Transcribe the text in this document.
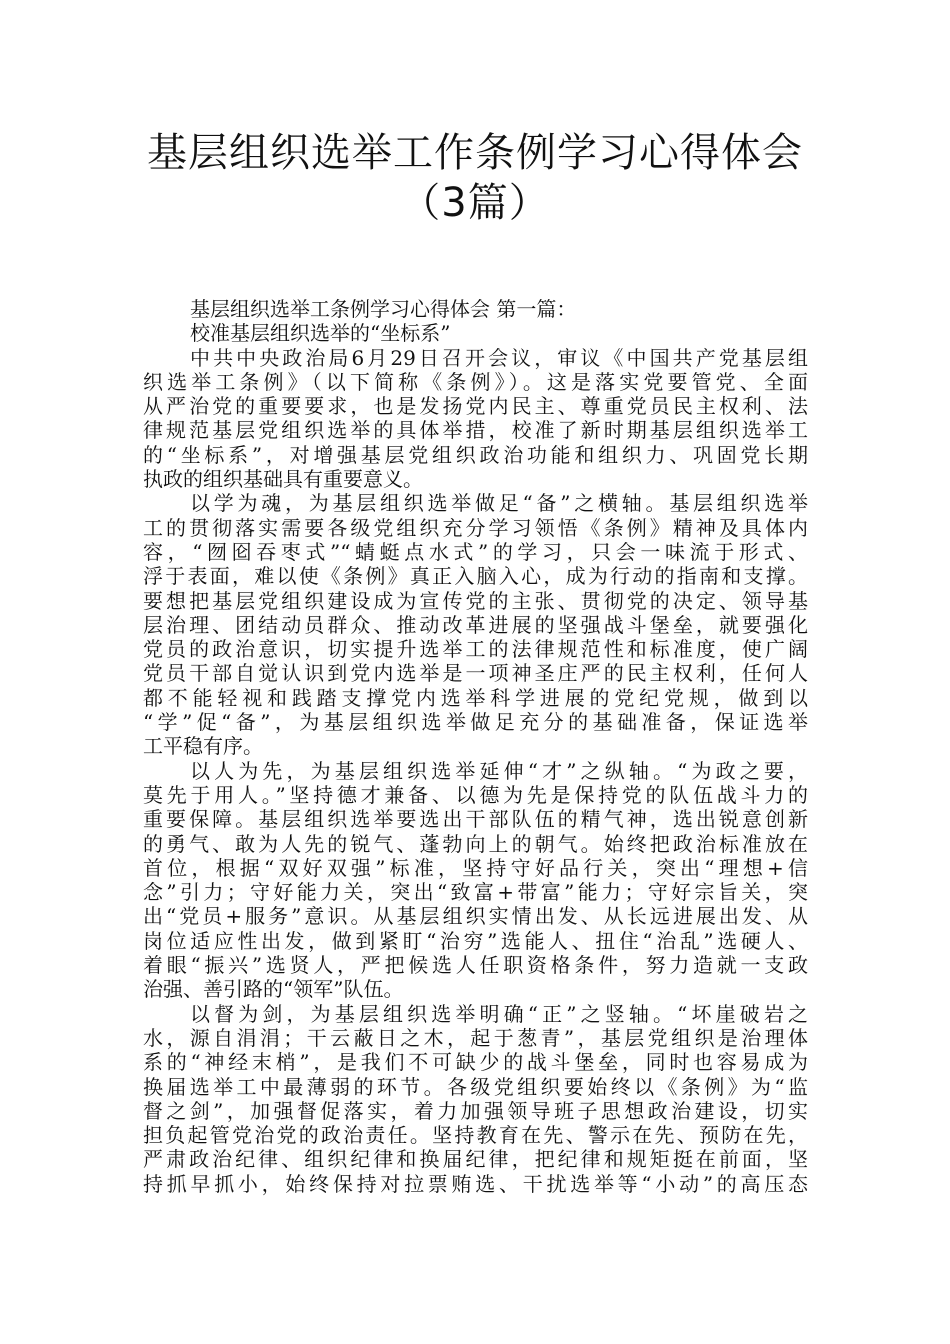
基层组织选举工作条例学习心得体会
（3篇）
基层组织选举工条例学习心得体会 第一篇：
校准基层组织选举的“坐标系”
中共中央政治局6月29日召开会议，审议《中国共产党基层组
织选举工条例》（以下简称《条例》）。这是落实党要管党、全面
从严治党的重要要求，也是发扬党内民主、尊重党员民主权利、法
律规范基层党组织选举的具体举措，校准了新时期基层组织选举工
的“坐标系”，对增强基层党组织政治功能和组织力、巩固党长期
执政的组织基础具有重要意义。
以学为魂，为基层组织选举做足“备”之横轴。基层组织选举
工的贯彻落实需要各级党组织充分学习领悟《条例》精神及具体内
容，“囫囵吞枣式”“蜻蜓点水式”的学习，只会一味流于形式、
浮于表面，难以使《条例》真正入脑入心，成为行动的指南和支撑。
要想把基层党组织建设成为宣传党的主张、贯彻党的决定、领导基
层治理、团结动员群众、推动改革进展的坚强战斗堡垒，就要强化
党员的政治意识，切实提升选举工的法律规范性和标准度，使广阔
党员干部自觉认识到党内选举是一项神圣庄严的民主权利，任何人
都不能轻视和践踏支撑党内选举科学进展的党纪党规，做到以
“学”促“备”，为基层组织选举做足充分的基础准备，保证选举
工平稳有序。
以人为先，为基层组织选举延伸“才”之纵轴。“为政之要，
莫先于用人。”坚持德才兼备、以德为先是保持党的队伍战斗力的
重要保障。基层组织选举要选出干部队伍的精气神，选出锐意创新
的勇气、敢为人先的锐气、蓬勃向上的朝气。始终把政治标准放在
首位，根据“双好双强”标准，坚持守好品行关，突出“理想+信
念”引力；守好能力关，突出“致富+带富”能力；守好宗旨关，突
出“党员+服务”意识。从基层组织实情出发、从长远进展出发、从
岗位适应性出发，做到紧盯“治穷”选能人、扭住“治乱”选硬人、
着眼“振兴”选贤人，严把候选人任职资格条件，努力造就一支政
治强、善引路的“领军”队伍。
以督为剑，为基层组织选举明确“正”之竖轴。“坏崖破岩之
水，源自涓涓；干云蔽日之木，起于葱青”，基层党组织是治理体
系的“神经末梢”，是我们不可缺少的战斗堡垒，同时也容易成为
换届选举工中最薄弱的环节。各级党组织要始终以《条例》为“监
督之剑”，加强督促落实，着力加强领导班子思想政治建设，切实
担负起管党治党的政治责任。坚持教育在先、警示在先、预防在先，
严肃政治纪律、组织纪律和换届纪律，把纪律和规矩挺在前面，坚
持抓早抓小，始终保持对拉票贿选、干扰选举等“小动”的高压态
